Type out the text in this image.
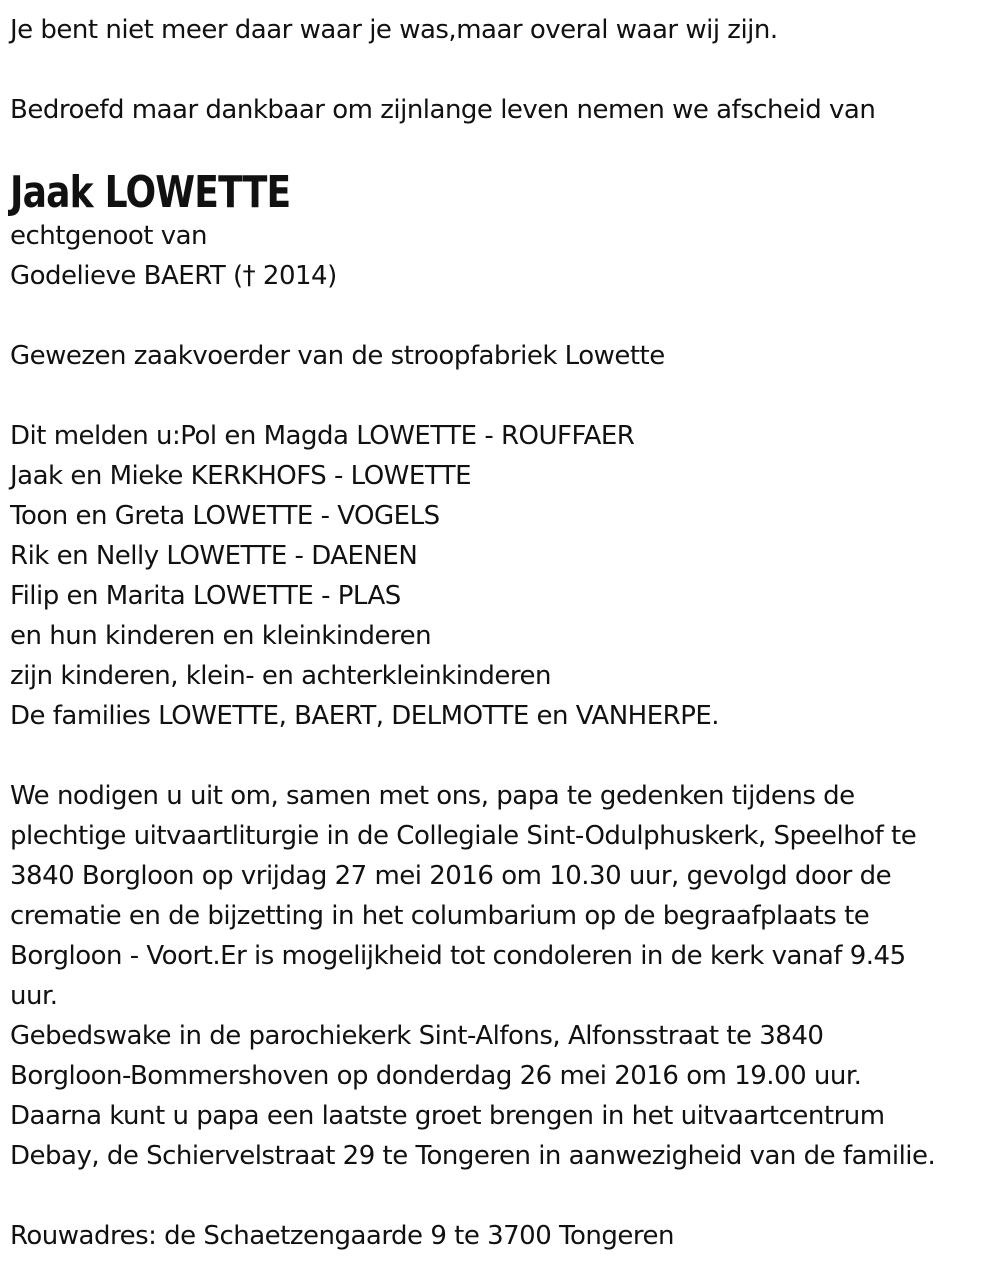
Je bent niet meer daar waar je was,maar overal waar wij zijn.

Bedroefd maar dankbaar om zijnlange leven nemen we afscheid van

Jaak LOWETTE

echtgenoot van

Godelieve BAERT († 2014)

Gewezen zaakvoerder van de stroopfabriek Lowette

Dit melden u:Pol en Magda LOWETTE - ROUFFAER

Jaak en Mieke KERKHOFS - LOWETTE

Toon en Greta LOWETTE - VOGELS

Rik en Nelly LOWETTE - DAENEN

Filip en Marita LOWETTE - PLAS

en hun kinderen en kleinkinderen

zijn kinderen, klein- en achterkleinkinderen

De families LOWETTE, BAERT, DELMOTTE en VANHERPE.

We nodigen u uit om, samen met ons, papa te gedenken tijdens de

plechtige uitvaartliturgie in de Collegiale Sint-Odulphuskerk, Speelhof te

3840 Borgloon op vrijdag 27 mei 2016 om 10.30 uur, gevolgd door de

crematie en de bijzetting in het columbarium op de begraafplaats te

Borgloon - Voort.Er is mogelijkheid tot condoleren in de kerk vanaf 9.45

uur.

Gebedswake in de parochiekerk Sint-Alfons, Alfonsstraat te 3840

Borgloon-Bommershoven op donderdag 26 mei 2016 om 19.00 uur.

Daarna kunt u papa een laatste groet brengen in het uitvaartcentrum

Debay, de Schiervelstraat 29 te Tongeren in aanwezigheid van de familie.

Rouwadres: de Schaetzengaarde 9 te 3700 Tongeren
